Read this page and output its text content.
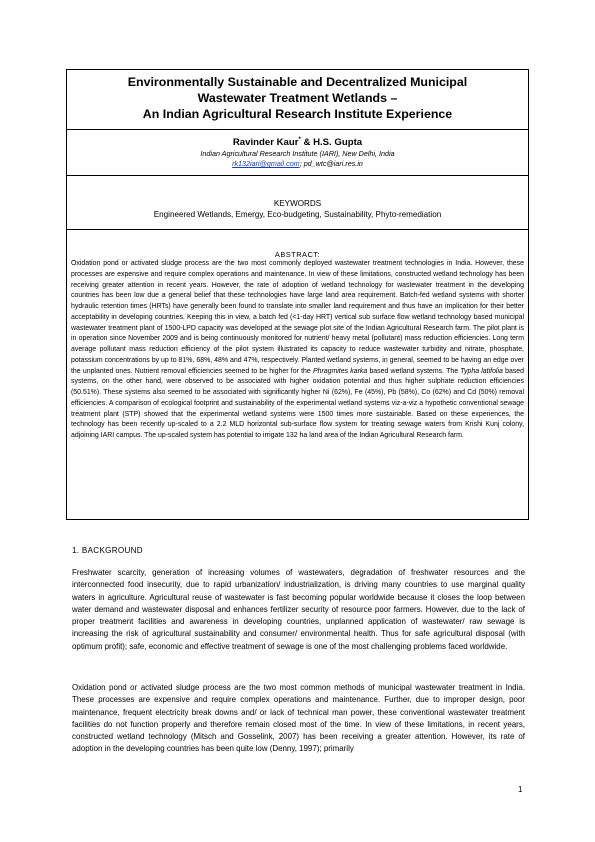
Environmentally Sustainable and Decentralized Municipal
Wastewater Treatment Wetlands –
An Indian Agricultural Research Institute Experience
Ravinder Kaur* & H.S. Gupta
Indian Agricultural Research Institute (IARI), New Delhi, India
rk132iari@gmail.com; pd_wtc@iari.res.in
KEYWORDS
Engineered Wetlands, Emergy, Eco-budgeting, Sustainability, Phyto-remediation
ABSTRACT:

Oxidation pond or activated sludge process are the two most commonly deployed wastewater treatment technologies in India. However, these processes are expensive and require complex operations and maintenance. In view of these limitations, constructed wetland technology has been receiving greater attention in recent years. However, the rate of adoption of wetland technology for wastewater treatment in the developing countries has been low due a general belief that these technologies have large land area requirement. Batch-fed wetland systems with shorter hydraulic retention times (HRTs) have generally been found to translate into smaller land requirement and thus have an implication for their better acceptability in developing countries. Keeping this in view, a batch fed (<1-day HRT) vertical sub surface flow wetland technology based municipal wastewater treatment plant of 1500-LPD capacity was developed at the sewage plot site of the Indian Agricultural Research farm. The pilot plant is in operation since November 2009 and is being continuously monitored for nutrient/ heavy metal (pollutant) mass reduction efficiencies. Long term average pollutant mass reduction efficiency of the pilot system illustrated its capacity to reduce wastewater turbidity and nitrate, phosphate, potassium concentrations by up to 81%, 68%, 48% and 47%, respectively. Planted wetland systems, in general, seemed to be having an edge over the unplanted ones. Nutrient removal efficiencies seemed to be higher for the Phragmites karka based wetland systems. The Typha latifolia based systems, on the other hand, were observed to be associated with higher oxidation potential and thus higher sulphate reduction efficiencies (50.51%). These systems also seemed to be associated with significantly higher Ni (62%), Fe (45%), Pb (58%), Co (62%) and Cd (50%) removal efficiencies. A comparison of ecological footprint and sustainability of the experimental wetland systems viz-a-viz a hypothetic conventional sewage treatment plant (STP) showed that the experimental wetland systems were 1500 times more sustainable. Based on these experiences, the technology has been recently up-scaled to a 2.2 MLD horizontal sub-surface flow system for treating sewage waters from Krishi Kunj colony, adjoining IARI campus. The up-scaled system has potential to irrigate 132 ha land area of the Indian Agricultural Research farm.

1. BACKGROUND

Freshwater scarcity, generation of increasing volumes of wastewaters, degradation of freshwater resources and the interconnected food insecurity, due to rapid urbanization/ industrialization, is driving many countries to use marginal quality waters in agriculture. Agricultural reuse of wastewater is fast becoming popular worldwide because it closes the loop between water demand and wastewater disposal and enhances fertilizer security of resource poor farmers. However, due to the lack of proper treatment facilities and awareness in developing countries, unplanned application of wastewater/ raw sewage is increasing the risk of agricultural sustainability and consumer/ environmental health. Thus for safe agricultural disposal (with optimum profit); safe, economic and effective treatment of sewage is one of the most challenging problems faced worldwide.

Oxidation pond or activated sludge process are the two most common methods of municipal wastewater treatment in India. These processes are expensive and require complex operations and maintenance. Further, due to improper design, poor maintenance, frequent electricity break downs and/ or lack of technical man power, these conventional wastewater treatment facilities do not function properly and therefore remain closed most of the time. In view of these limitations, in recent years, constructed wetland technology (Mitsch and Gosselink, 2007) has been receiving a greater attention. However, its rate of adoption in the developing countries has been quite low (Denny, 1997); primarily

1
